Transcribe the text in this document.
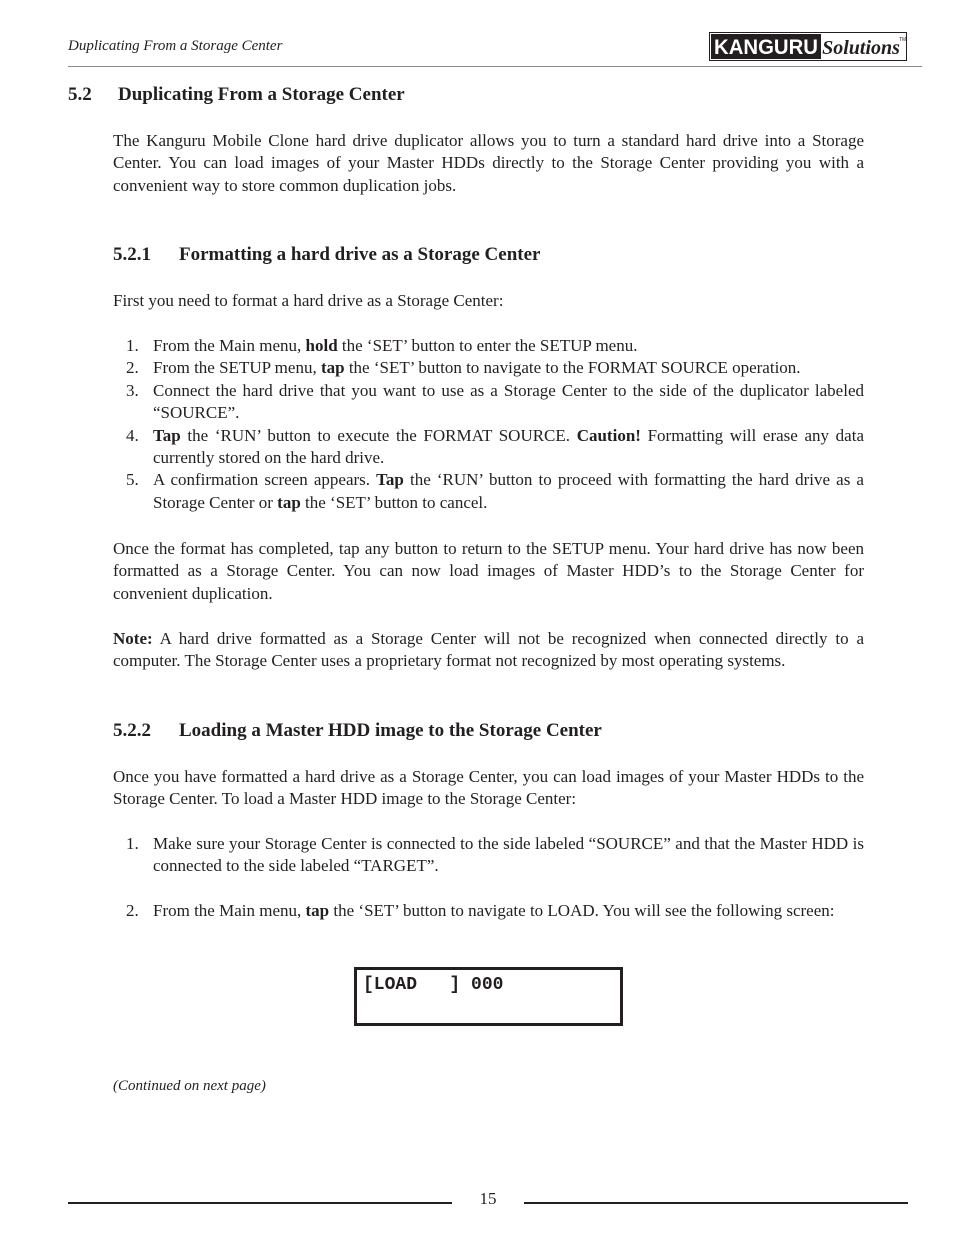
Duplicating From a Storage Center	KANGURU Solutions TM
5.2 Duplicating From a Storage Center

The Kanguru Mobile Clone hard drive duplicator allows you to turn a standard hard drive into a Storage Center. You can load images of your Master HDDs directly to the Storage Center providing you with a convenient way to store common duplication jobs.

5.2.1 Formatting a hard drive as a Storage Center

First you need to format a hard drive as a Storage Center:

1. From the Main menu, hold the ‘SET’ button to enter the SETUP menu.
2. From the SETUP menu, tap the ‘SET’ button to navigate to the FORMAT SOURCE operation.
3. Connect the hard drive that you want to use as a Storage Center to the side of the duplicator labeled “SOURCE”.
4. Tap the ‘RUN’ button to execute the FORMAT SOURCE. Caution! Formatting will erase any data currently stored on the hard drive.
5. A confirmation screen appears. Tap the ‘RUN’ button to proceed with formatting the hard drive as a Storage Center or tap the ‘SET’ button to cancel.

Once the format has completed, tap any button to return to the SETUP menu. Your hard drive has now been formatted as a Storage Center. You can now load images of Master HDD’s to the Storage Center for convenient duplication.

Note: A hard drive formatted as a Storage Center will not be recognized when connected directly to a computer. The Storage Center uses a proprietary format not recognized by most operating systems.

5.2.2 Loading a Master HDD image to the Storage Center

Once you have formatted a hard drive as a Storage Center, you can load images of your Master HDDs to the Storage Center. To load a Master HDD image to the Storage Center:

1. Make sure your Storage Center is connected to the side labeled “SOURCE” and that the Master HDD is connected to the side labeled “TARGET”.
2. From the Main menu, tap the ‘SET’ button to navigate to LOAD. You will see the following screen:
[LOAD   ] 000
(Continued on next page)
15
